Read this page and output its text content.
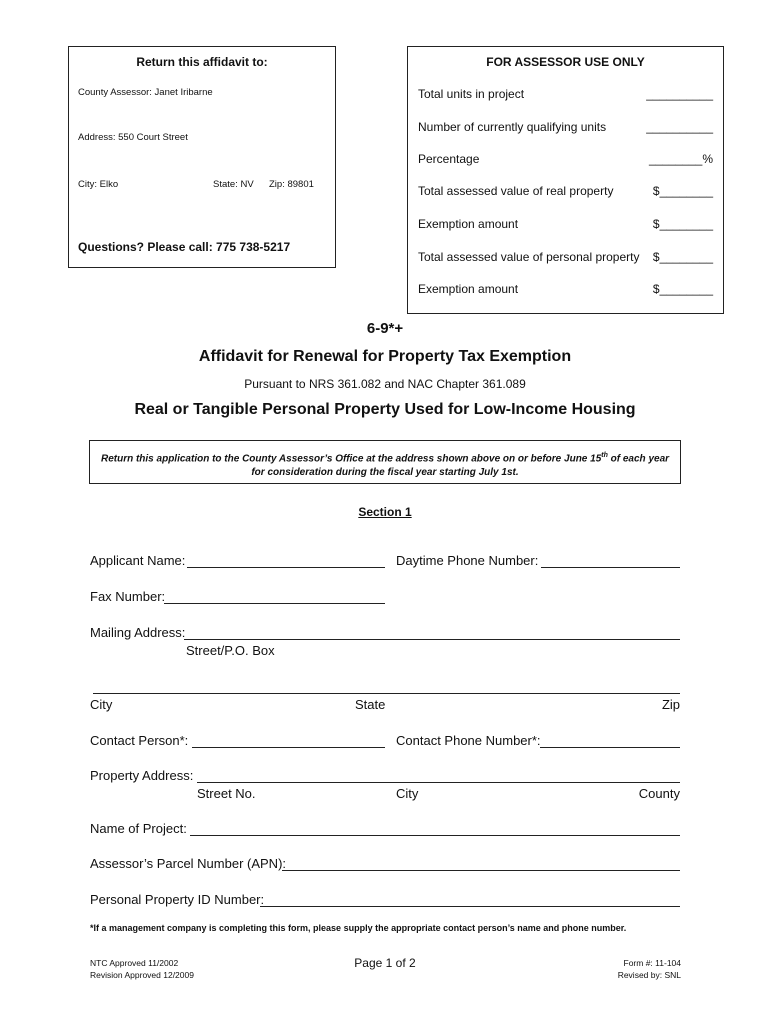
Return this affidavit to:
County Assessor: Janet Iribarne
Address: 550 Court Street
City: Elko	State: NV Zip: 89801
Questions? Please call: 775 738-5217
FOR ASSESSOR USE ONLY
Total units in project	__________
Number of currently qualifying units	__________
Percentage	________%
Total assessed value of real property	$________
Exemption amount	$________
Total assessed value of personal property $________
Exemption amount	$________
6-9*+
Affidavit for Renewal for Property Tax Exemption
Pursuant to NRS 361.082 and NAC Chapter 361.089
Real or Tangible Personal Property Used for Low-Income Housing
Return this application to the County Assessor’s Office at the address shown above on or before June 15th of each year for consideration during the fiscal year starting July 1st.
Section 1
Applicant Name:	Daytime Phone Number:
Fax Number:
Mailing Address:
Street/P.O. Box
City	State	Zip
Contact Person*:	Contact Phone Number*:
Property Address:
Street No.	City	County
Name of Project:
Assessor’s Parcel Number (APN):
Personal Property ID Number:
*If a management company is completing this form, please supply the appropriate contact person’s name and phone number.
NTC Approved 11/2002
Revision Approved 12/2009
Page 1 of 2	Form #: 11-104
Revised by: SNL
